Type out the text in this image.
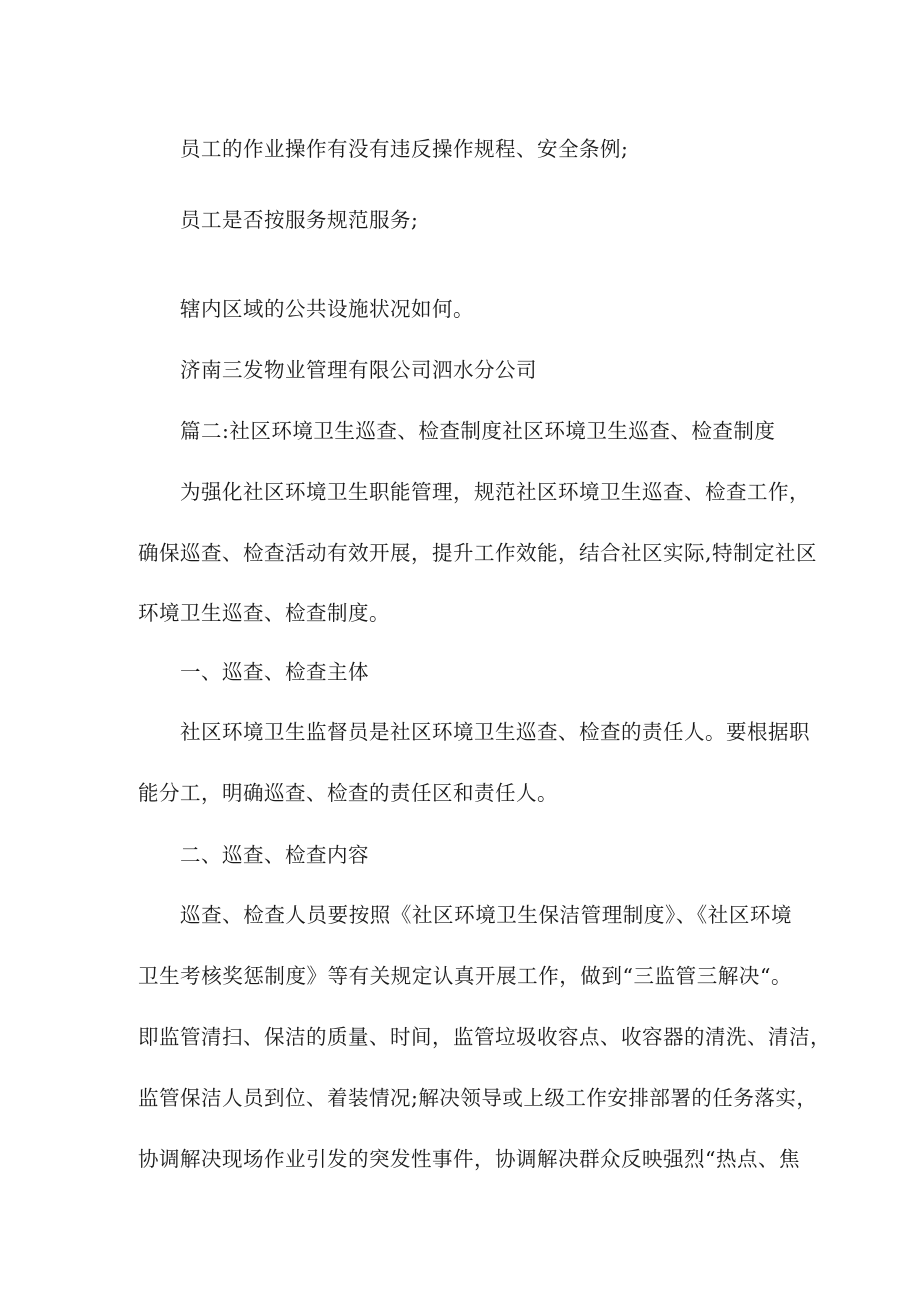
员工的作业操作有没有违反操作规程、安全条例;

员工是否按服务规范服务;

辖内区域的公共设施状况如何。

济南三发物业管理有限公司泗水分公司

篇二:社区环境卫生巡查、检查制度社区环境卫生巡查、检查制度

为强化社区环境卫生职能管理，规范社区环境卫生巡查、检查工作，

确保巡查、检查活动有效开展，提升工作效能，结合社区实际,特制定社区

环境卫生巡查、检查制度。

一、巡查、检查主体

社区环境卫生监督员是社区环境卫生巡查、检查的责任人。要根据职

能分工，明确巡查、检查的责任区和责任人。

二、巡查、检查内容

巡查、检查人员要按照《社区环境卫生保洁管理制度》、《社区环境

卫生考核奖惩制度》等有关规定认真开展工作，做到“三监管三解决“。

即监管清扫、保洁的质量、时间，监管垃圾收容点、收容器的清洗、清洁，

监管保洁人员到位、着装情况;解决领导或上级工作安排部署的任务落实，

协调解决现场作业引发的突发性事件，协调解决群众反映强烈“热点、焦
